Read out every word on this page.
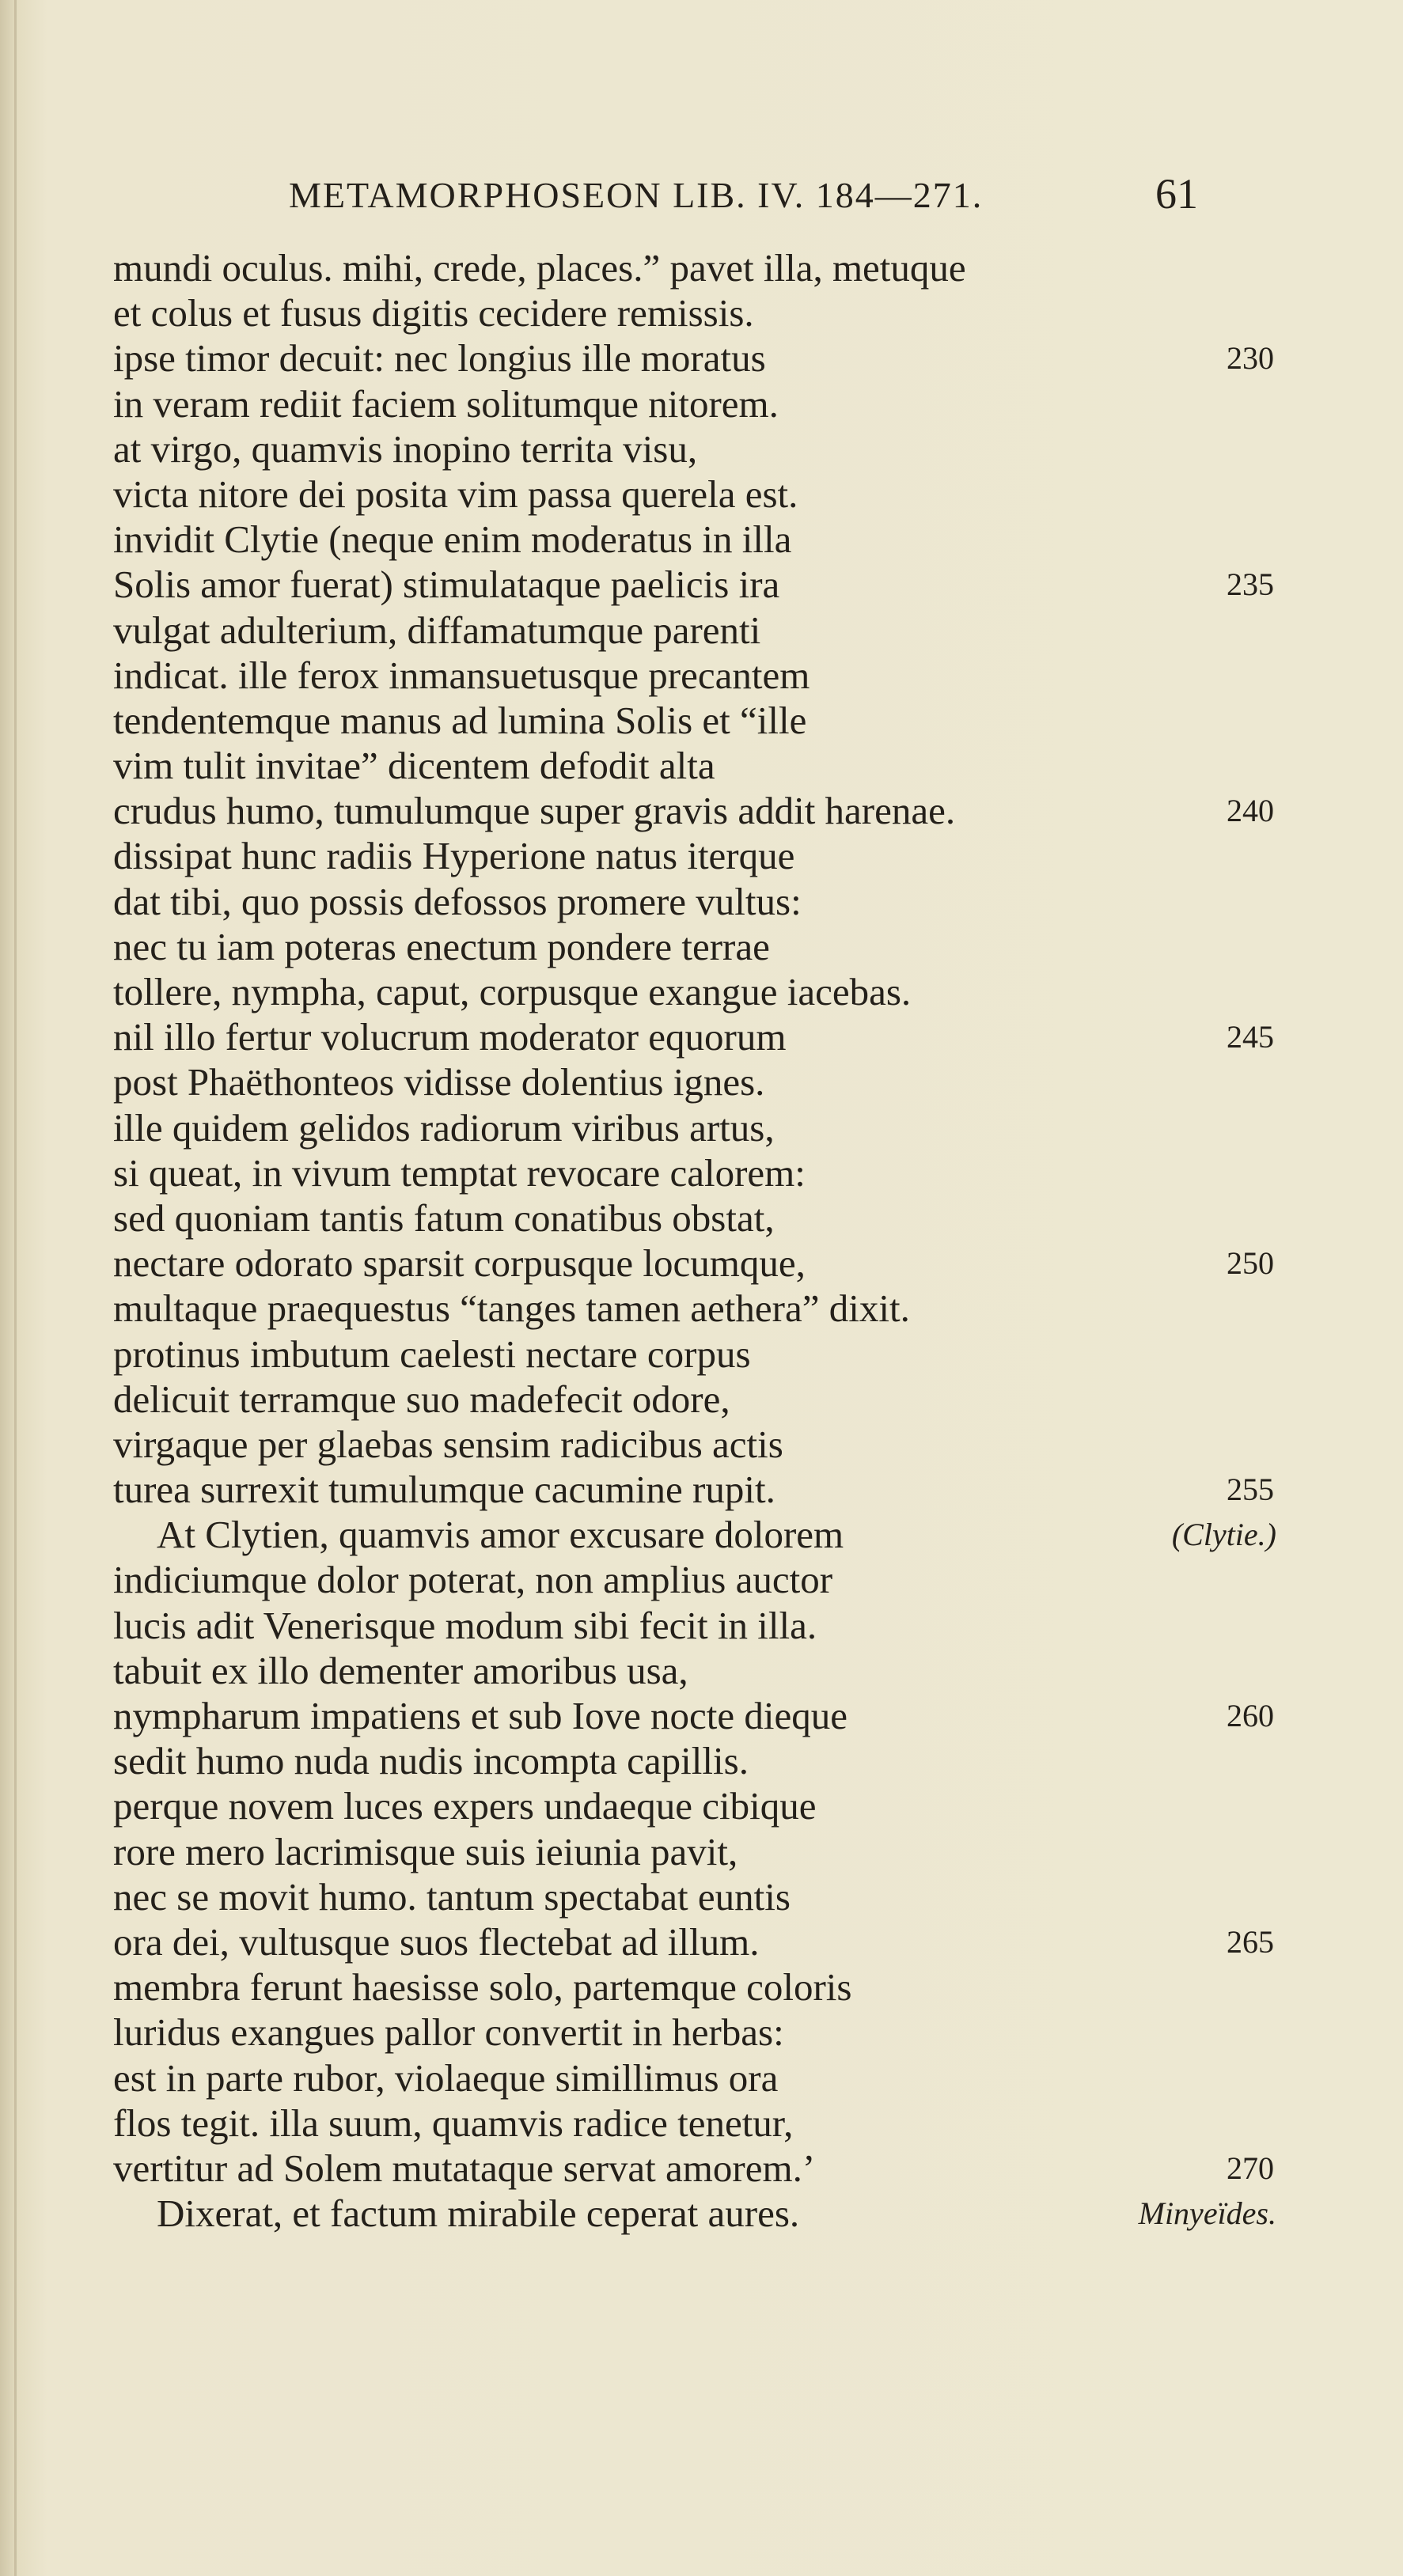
METAMORPHOSEON LIB. IV. 184—271.	61
mundi oculus. mihi, crede, places.” pavet illa, metuque
et colus et fusus digitis cecidere remissis.
ipse timor decuit: nec longius ille moratus	230
in veram rediit faciem solitumque nitorem.
at virgo, quamvis inopino territa visu,
victa nitore dei posita vim passa querela est.
invidit Clytie (neque enim moderatus in illa
Solis amor fuerat) stimulataque paelicis ira	235
vulgat adulterium, diffamatumque parenti
indicat. ille ferox inmansuetusque precantem
tendentemque manus ad lumina Solis et “ille
vim tulit invitae” dicentem defodit alta
crudus humo, tumulumque super gravis addit harenae.	240
dissipat hunc radiis Hyperione natus iterque
dat tibi, quo possis defossos promere vultus:
nec tu iam poteras enectum pondere terrae
tollere, nympha, caput, corpusque exangue iacebas.
nil illo fertur volucrum moderator equorum	245
post Phaëthonteos vidisse dolentius ignes.
ille quidem gelidos radiorum viribus artus,
si queat, in vivum temptat revocare calorem:
sed quoniam tantis fatum conatibus obstat,
nectare odorato sparsit corpusque locumque,	250
multaque praequestus “tanges tamen aethera” dixit.
protinus imbutum caelesti nectare corpus
delicuit terramque suo madefecit odore,
virgaque per glaebas sensim radicibus actis
turea surrexit tumulumque cacumine rupit.	255
At Clytien, quamvis amor excusare dolorem	(Clytie.)
indiciumque dolor poterat, non amplius auctor
lucis adit Venerisque modum sibi fecit in illa.
tabuit ex illo dementer amoribus usa,
nympharum impatiens et sub Iove nocte dieque	260
sedit humo nuda nudis incompta capillis.
perque novem luces expers undaeque cibique
rore mero lacrimisque suis ieiunia pavit,
nec se movit humo. tantum spectabat euntis
ora dei, vultusque suos flectebat ad illum.	265
membra ferunt haesisse solo, partemque coloris
luridus exangues pallor convertit in herbas:
est in parte rubor, violaeque simillimus ora
flos tegit. illa suum, quamvis radice tenetur,
vertitur ad Solem mutataque servat amorem.’	270
Dixerat, et factum mirabile ceperat aures.	Minyeïdes.
